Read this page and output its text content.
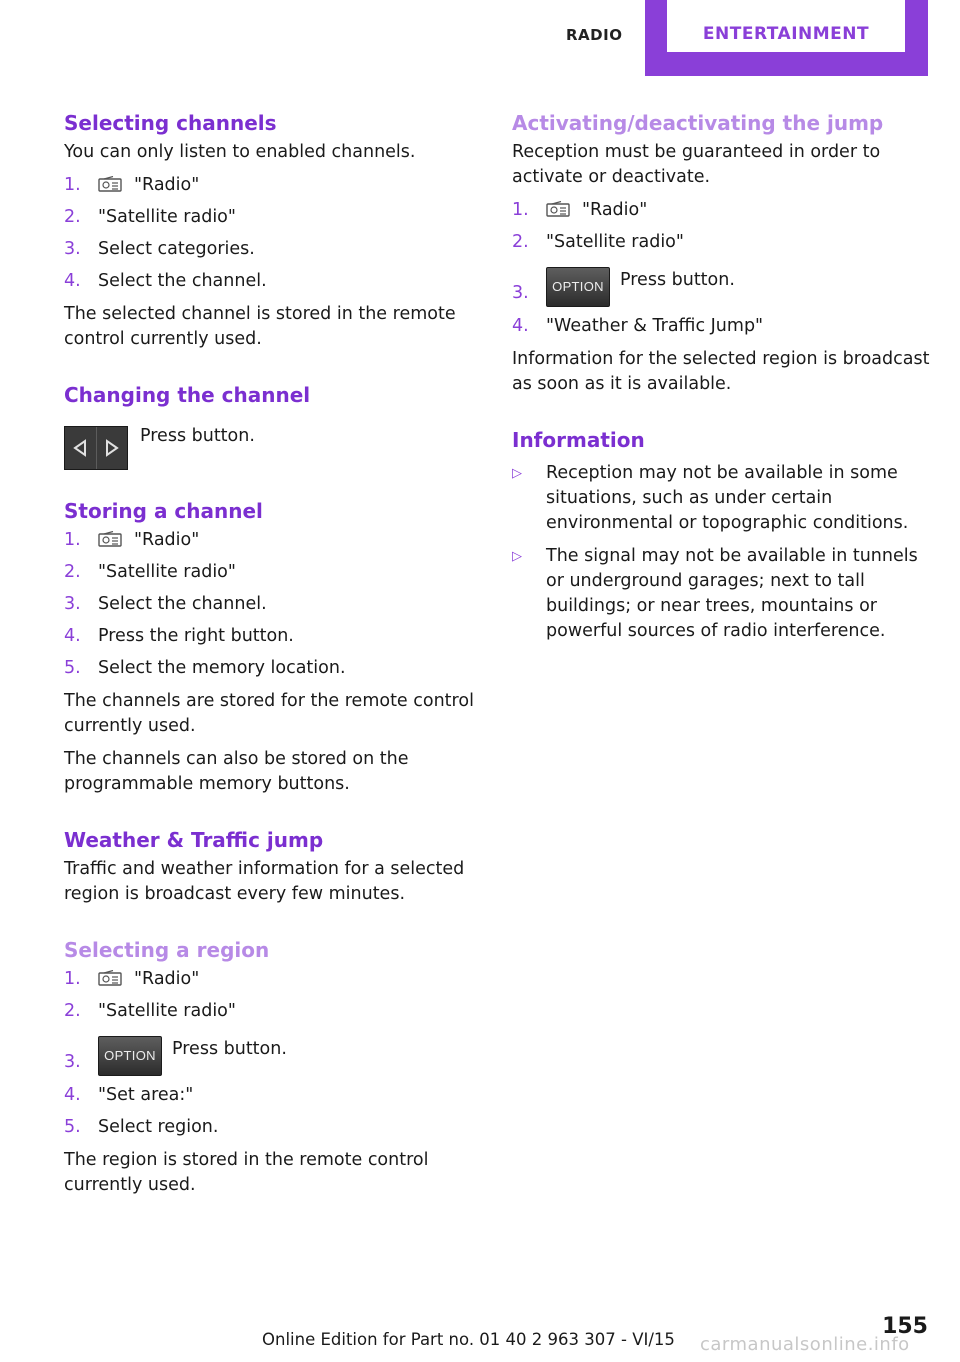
RADIO	ENTERTAINMENT
Selecting channels

You can only listen to enabled channels.

1.	"Radio"
2. "Satellite radio"
3. Select categories.
4. Select the channel.

The selected channel is stored in the remote control currently used.

Changing the channel
Press button.
Storing a channel
1.	"Radio"
2. "Satellite radio"
3. Select the channel.
4. Press the right button.
5. Select the memory location.

The channels are stored for the remote control currently used.

The channels can also be stored on the programmable memory buttons.

Weather & Traffic jump

Traffic and weather information for a selected region is broadcast every few minutes.

Selecting a region
1.	"Radio"
2. "Satellite radio"
3. OPTION Press button.
4. "Set area:"
5. Select region.

The region is stored in the remote control currently used.

Activating/deactivating the jump

Reception must be guaranteed in order to activate or deactivate.

1.	"Radio"
2. "Satellite radio"
3. OPTION Press button.
4. "Weather & Traffic Jump"

Information for the selected region is broadcast as soon as it is available.

Information
▷ Reception may not be available in some situations, such as under certain environmental or topographic conditions.
▷ The signal may not be available in tunnels or underground garages; next to tall buildings; or near trees, mountains or powerful sources of radio interference.
155
Online Edition for Part no. 01 40 2 963 307 - VI/15 carmanualsonline.info
